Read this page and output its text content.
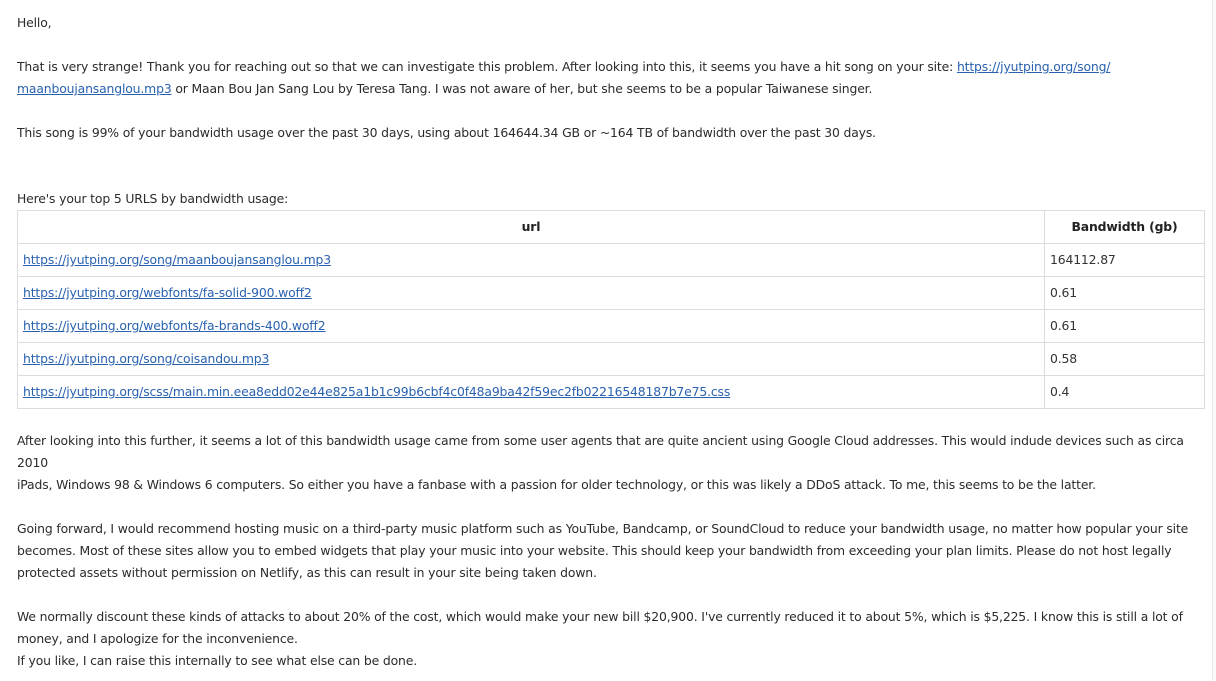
Hello,

That is very strange! Thank you for reaching out so that we can investigate this problem. After looking into this, it seems you have a hit song on your site: https://jyutping.org/song/
maanboujansanglou.mp3 or Maan Bou Jan Sang Lou by Teresa Tang. I was not aware of her, but she seems to be a popular Taiwanese singer.

This song is 99% of your bandwidth usage over the past 30 days, using about 164644.34 GB or ~164 TB of bandwidth over the past 30 days.

Here's your top 5 URLS by bandwidth usage:

url	Bandwidth (gb)
https://jyutping.org/song/maanboujansanglou.mp3	164112.87
https://jyutping.org/webfonts/fa-solid-900.woff2	0.61
https://jyutping.org/webfonts/fa-brands-400.woff2	0.61
https://jyutping.org/song/coisandou.mp3	0.58
https://jyutping.org/scss/main.min.eea8edd02e44e825a1b1c99b6cbf4c0f48a9ba42f59ec2fb02216548187b7e75.css	0.4

After looking into this further, it seems a lot of this bandwidth usage came from some user agents that are quite ancient using Google Cloud addresses. This would indude devices such as circa 2010
iPads, Windows 98 & Windows 6 computers. So either you have a fanbase with a passion for older technology, or this was likely a DDoS attack. To me, this seems to be the latter.

Going forward, I would recommend hosting music on a third-party music platform such as YouTube, Bandcamp, or SoundCloud to reduce your bandwidth usage, no matter how popular your site
becomes. Most of these sites allow you to embed widgets that play your music into your website. This should keep your bandwidth from exceeding your plan limits. Please do not host legally
protected assets without permission on Netlify, as this can result in your site being taken down.

We normally discount these kinds of attacks to about 20% of the cost, which would make your new bill $20,900. I've currently reduced it to about 5%, which is $5,225. I know this is still a lot of
money, and I apologize for the inconvenience.

If you like, I can raise this internally to see what else can be done.
